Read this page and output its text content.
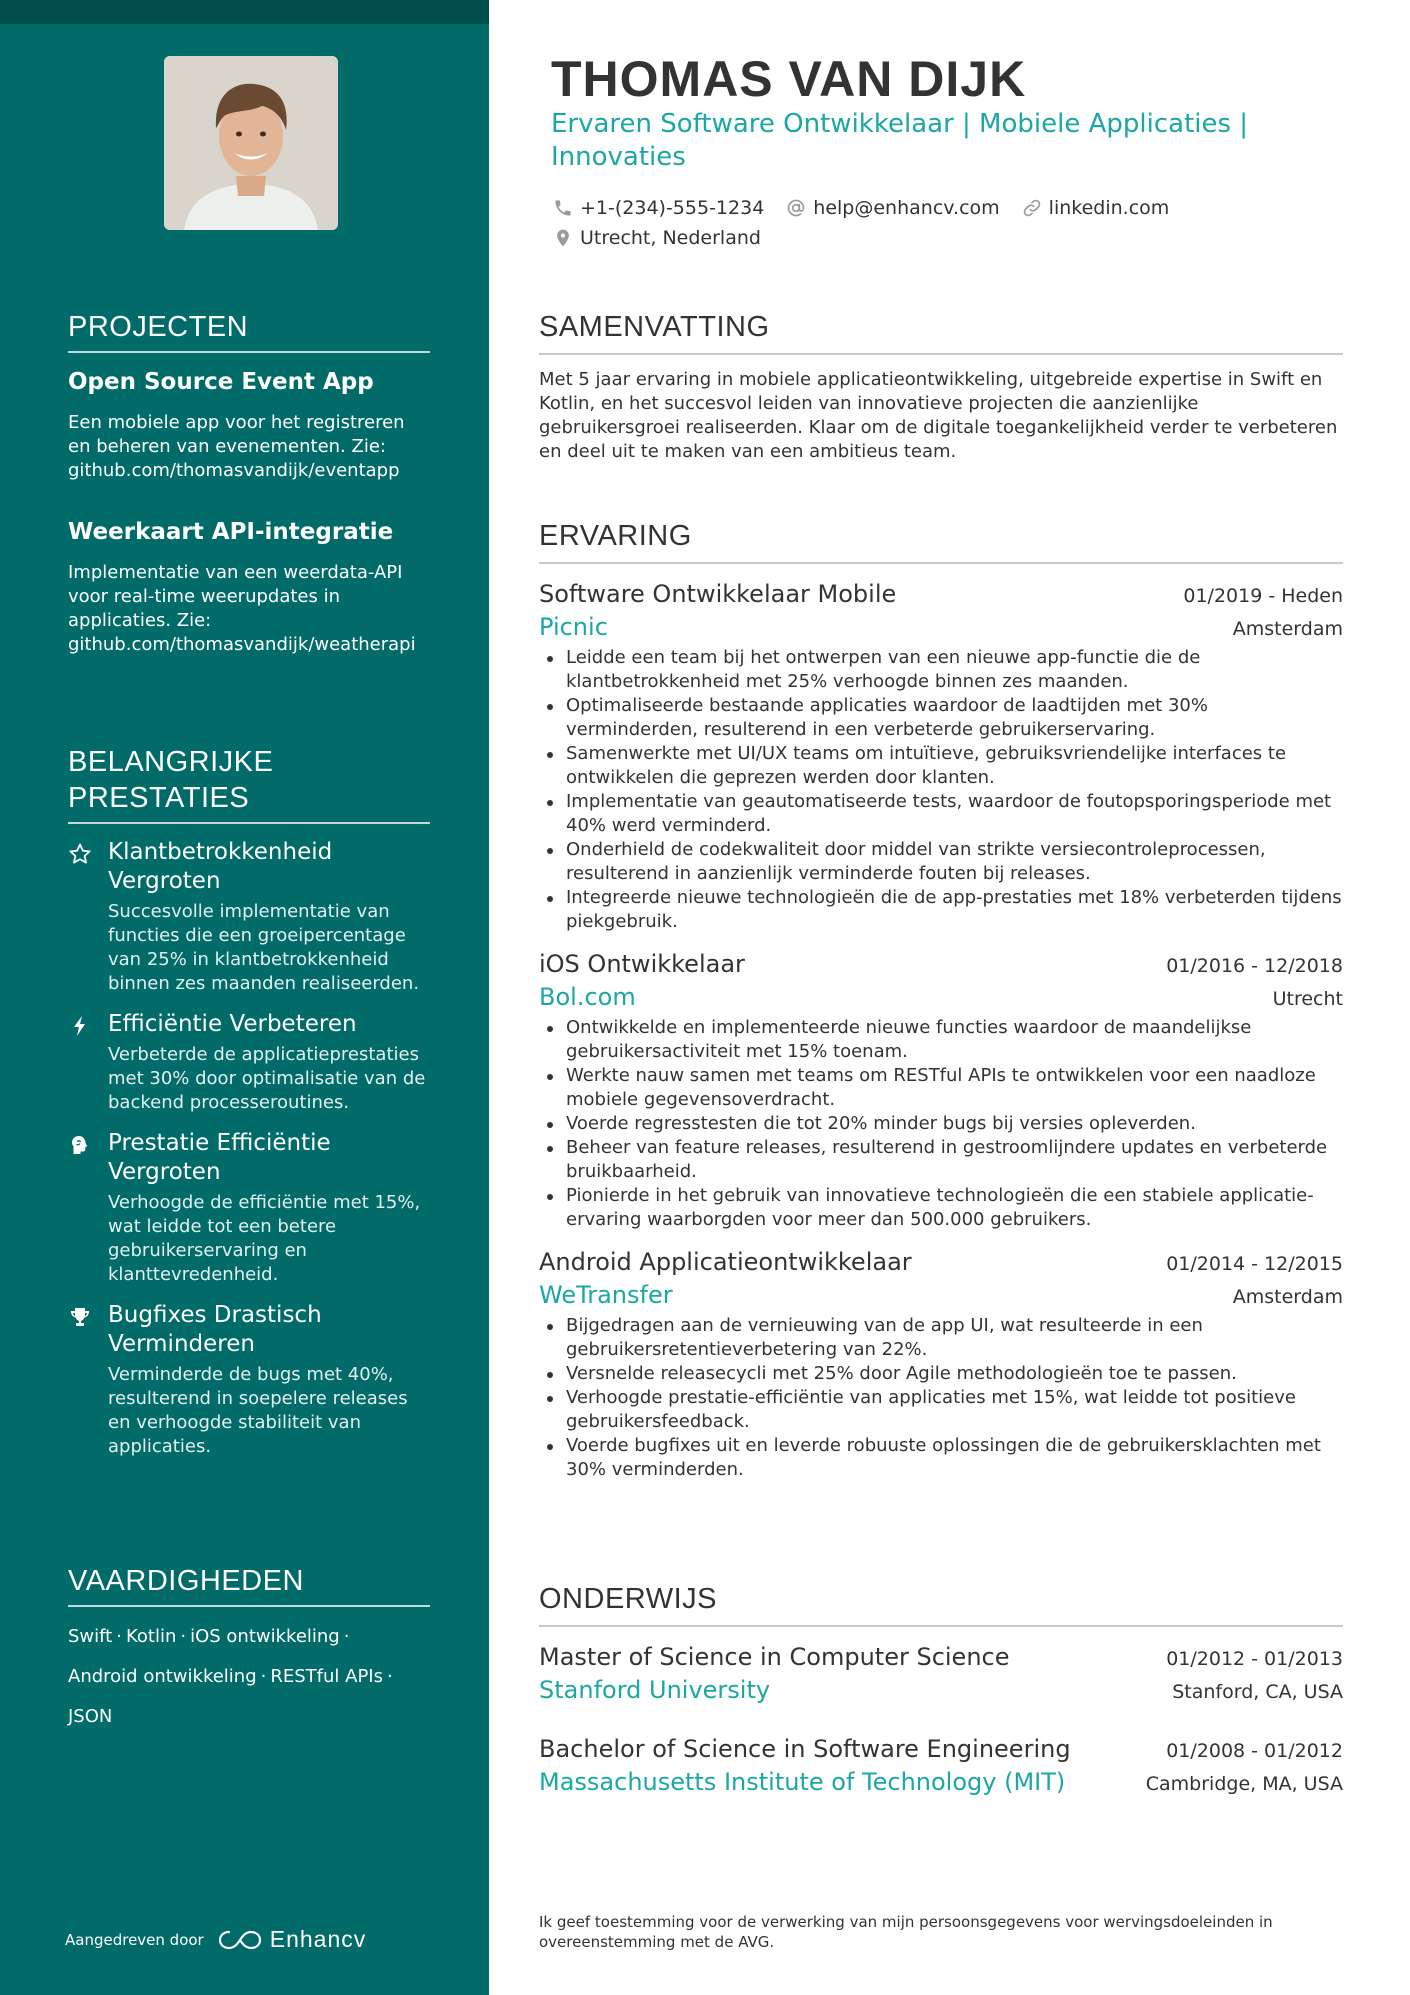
PROJECTEN
Open Source Event App
Een mobiele app voor het registreren en beheren van evenementen. Zie: github.com/thomasvandijk/eventapp
Weerkaart API-integratie
Implementatie van een weerdata-API voor real-time weerupdates in applicaties. Zie: github.com/thomasvandijk/weatherapi
BELANGRIJKE PRESTATIES
Klantbetrokkenheid Vergroten
Succesvolle implementatie van functies die een groeipercentage van 25% in klantbetrokkenheid binnen zes maanden realiseerden.
Efficiëntie Verbeteren
Verbeterde de applicatieprestaties met 30% door optimalisatie van de backend processeroutines.
Prestatie Efficiëntie Vergroten
Verhoogde de efficiëntie met 15%, wat leidde tot een betere gebruikerservaring en klanttevredenheid.
Bugfixes Drastisch Verminderen
Verminderde de bugs met 40%, resulterend in soepelere releases en verhoogde stabiliteit van applicaties.
VAARDIGHEDEN
Swift · Kotlin · iOS ontwikkeling ·
Android ontwikkeling · RESTful APIs ·
JSON
Aangedreven door	Enhancv
THOMAS VAN DIJK
Ervaren Software Ontwikkelaar | Mobiele Applicaties | Innovaties
+1-(234)-555-1234	help@enhancv.com	linkedin.com
Utrecht, Nederland
SAMENVATTING
Met 5 jaar ervaring in mobiele applicatieontwikkeling, uitgebreide expertise in Swift en Kotlin, en het succesvol leiden van innovatieve projecten die aanzienlijke gebruikersgroei realiseerden. Klaar om de digitale toegankelijkheid verder te verbeteren en deel uit te maken van een ambitieus team.
ERVARING
Software Ontwikkelaar Mobile	01/2019 - Heden
Picnic	Amsterdam
Leidde een team bij het ontwerpen van een nieuwe app-functie die de klantbetrokkenheid met 25% verhoogde binnen zes maanden.
Optimaliseerde bestaande applicaties waardoor de laadtijden met 30% verminderden, resulterend in een verbeterde gebruikerservaring.
Samenwerkte met UI/UX teams om intuïtieve, gebruiksvriendelijke interfaces te ontwikkelen die geprezen werden door klanten.
Implementatie van geautomatiseerde tests, waardoor de foutopsporingsperiode met 40% werd verminderd.
Onderhield de codekwaliteit door middel van strikte versiecontroleprocessen, resulterend in aanzienlijk verminderde fouten bij releases.
Integreerde nieuwe technologieën die de app-prestaties met 18% verbeterden tijdens piekgebruik.
iOS Ontwikkelaar	01/2016 - 12/2018
Bol.com	Utrecht
Ontwikkelde en implementeerde nieuwe functies waardoor de maandelijkse gebruikersactiviteit met 15% toenam.
Werkte nauw samen met teams om RESTful APIs te ontwikkelen voor een naadloze mobiele gegevensoverdracht.
Voerde regresstesten die tot 20% minder bugs bij versies opleverden.
Beheer van feature releases, resulterend in gestroomlijndere updates en verbeterde bruikbaarheid.
Pionierde in het gebruik van innovatieve technologieën die een stabiele applicatie-ervaring waarborgden voor meer dan 500.000 gebruikers.
Android Applicatieontwikkelaar	01/2014 - 12/2015
WeTransfer	Amsterdam
Bijgedragen aan de vernieuwing van de app UI, wat resulteerde in een gebruikersretentieverbetering van 22%.
Versnelde releasecycli met 25% door Agile methodologieën toe te passen.
Verhoogde prestatie-efficiëntie van applicaties met 15%, wat leidde tot positieve gebruikersfeedback.
Voerde bugfixes uit en leverde robuuste oplossingen die de gebruikersklachten met 30% verminderden.
ONDERWIJS
Master of Science in Computer Science	01/2012 - 01/2013
Stanford University	Stanford, CA, USA
Bachelor of Science in Software Engineering	01/2008 - 01/2012
Massachusetts Institute of Technology (MIT)	Cambridge, MA, USA
Ik geef toestemming voor de verwerking van mijn persoonsgegevens voor wervingsdoeleinden in overeenstemming met de AVG.
